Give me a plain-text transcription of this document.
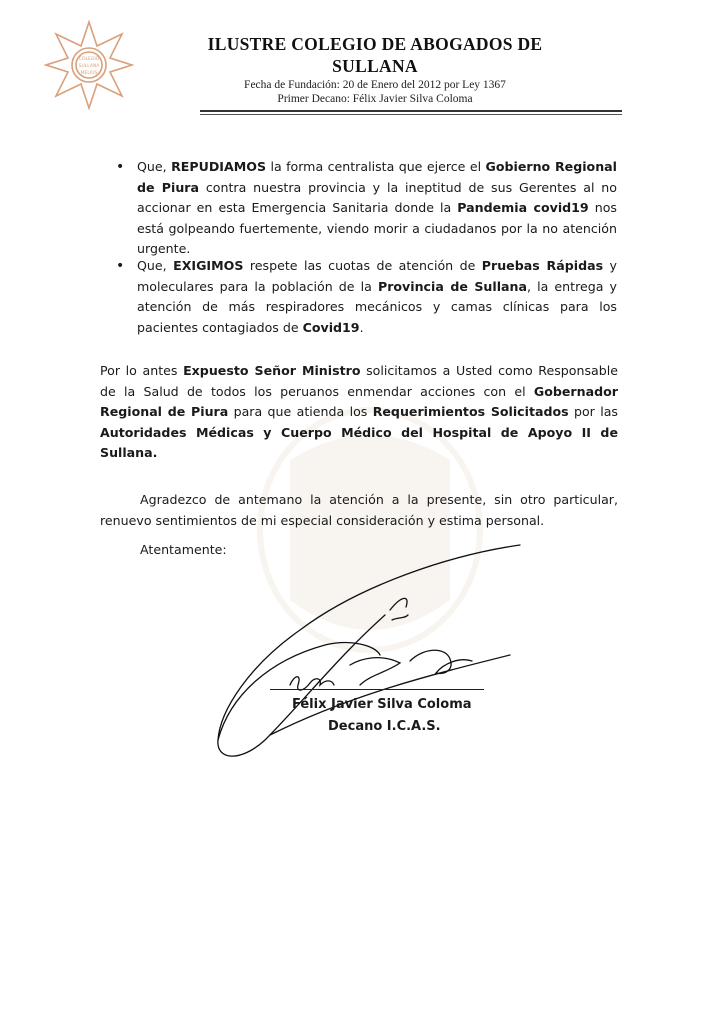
COLEGIO
SULLANA
MELIUS
ILUSTRE COLEGIO DE ABOGADOS DE
SULLANA
Fecha de Fundación: 20 de Enero del 2012 por Ley 1367
Primer Decano: Félix Javier Silva Coloma
• Que, REPUDIAMOS la forma centralista que ejerce el Gobierno Regional de Piura contra nuestra provincia y la ineptitud de sus Gerentes al no accionar en esta Emergencia Sanitaria donde la Pandemia covid19 nos está golpeando fuertemente, viendo morir a ciudadanos por la no atención urgente.
• Que, EXIGIMOS respete las cuotas de atención de Pruebas Rápidas y moleculares para la población de la Provincia de Sullana, la entrega y atención de más respiradores mecánicos y camas clínicas para los pacientes contagiados de Covid19.
Por lo antes Expuesto Señor Ministro solicitamos a Usted como Responsable de la Salud de todos los peruanos enmendar acciones con el Gobernador Regional de Piura para que atienda los Requerimientos Solicitados por las Autoridades Médicas y Cuerpo Médico del Hospital de Apoyo II de Sullana.
Agradezco de antemano la atención a la presente, sin otro particular, renuevo sentimientos de mi especial consideración y estima personal.
Atentamente:
Félix Javier Silva Coloma
Decano I.C.A.S.
